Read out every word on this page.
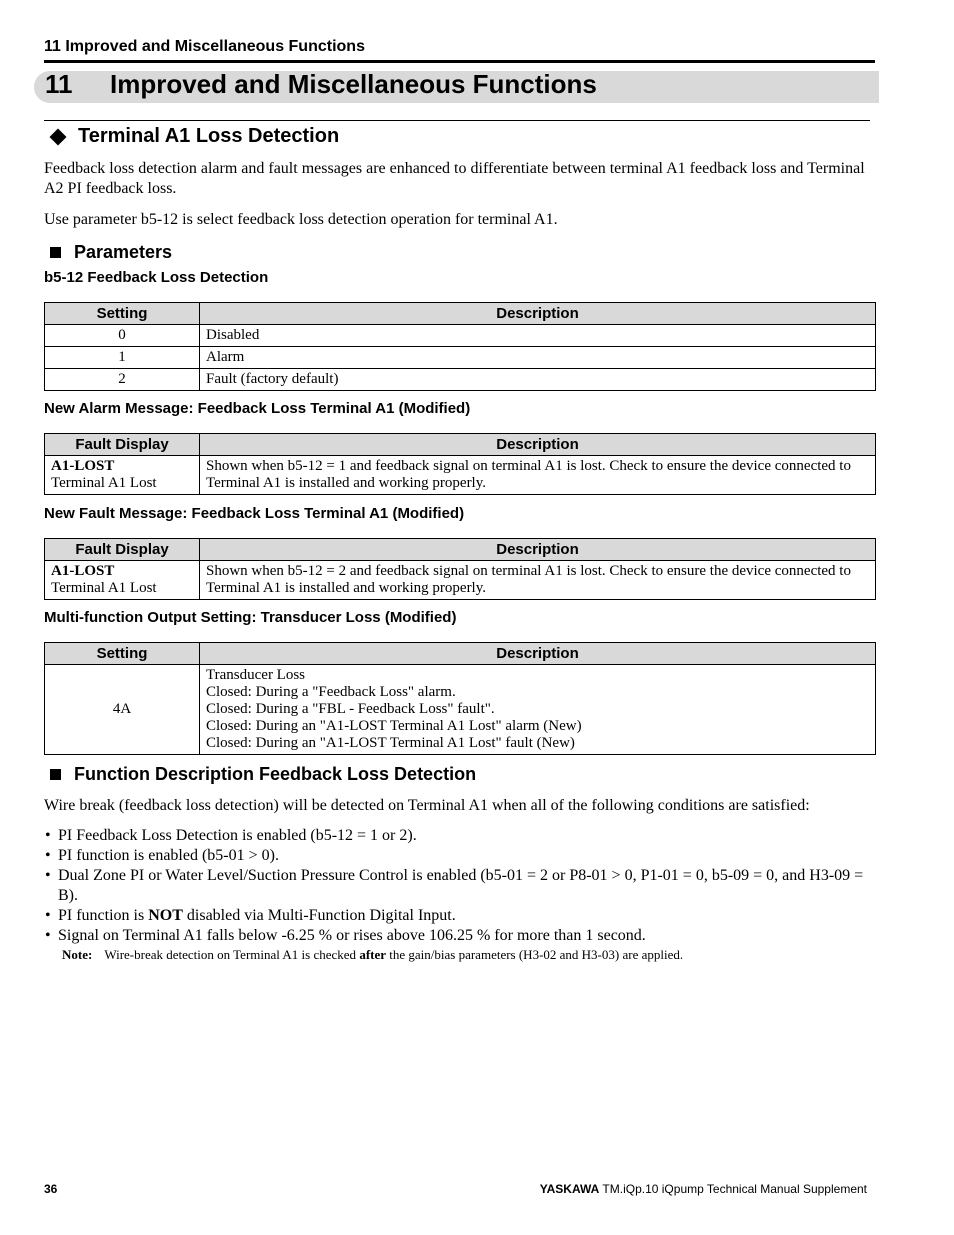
11 Improved and Miscellaneous Functions
11 Improved and Miscellaneous Functions
Terminal A1 Loss Detection
Feedback loss detection alarm and fault messages are enhanced to differentiate between terminal A1 feedback loss and Terminal A2 PI feedback loss.
Use parameter b5-12 is select feedback loss detection operation for terminal A1.
Parameters
b5-12 Feedback Loss Detection
Setting	Description
0	Disabled
1	Alarm
2	Fault (factory default)
New Alarm Message: Feedback Loss Terminal A1 (Modified)
Fault Display	Description

A1-LOST
Terminal A1 Lost	Shown when b5-12 = 1 and feedback signal on terminal A1 is lost. Check to ensure the device connected to Terminal A1 is installed and working properly.
New Fault Message: Feedback Loss Terminal A1 (Modified)
Fault Display	Description

A1-LOST
Terminal A1 Lost	Shown when b5-12 = 2 and feedback signal on terminal A1 is lost. Check to ensure the device connected to Terminal A1 is installed and working properly.
Multi-function Output Setting: Transducer Loss (Modified)
Setting	Description
4A	Transducer Loss
Closed: During a "Feedback Loss" alarm.
Closed: During a "FBL - Feedback Loss" fault".
Closed: During an "A1-LOST Terminal A1 Lost" alarm (New)
Closed: During an "A1-LOST Terminal A1 Lost" fault (New)
Function Description Feedback Loss Detection
Wire break (feedback loss detection) will be detected on Terminal A1 when all of the following conditions are satisfied:
• PI Feedback Loss Detection is enabled (b5-12 = 1 or 2).
• PI function is enabled (b5-01 > 0).
• Dual Zone PI or Water Level/Suction Pressure Control is enabled (b5-01 = 2 or P8-01 > 0, P1-01 = 0, b5-09 = 0, and H3-09 = B).
• PI function is NOT disabled via Multi-Function Digital Input.
• Signal on Terminal A1 falls below -6.25 % or rises above 106.25 % for more than 1 second.
Note: Wire-break detection on Terminal A1 is checked after the gain/bias parameters (H3-02 and H3-03) are applied.
36	YASKAWA TM.iQp.10 iQpump Technical Manual Supplement
